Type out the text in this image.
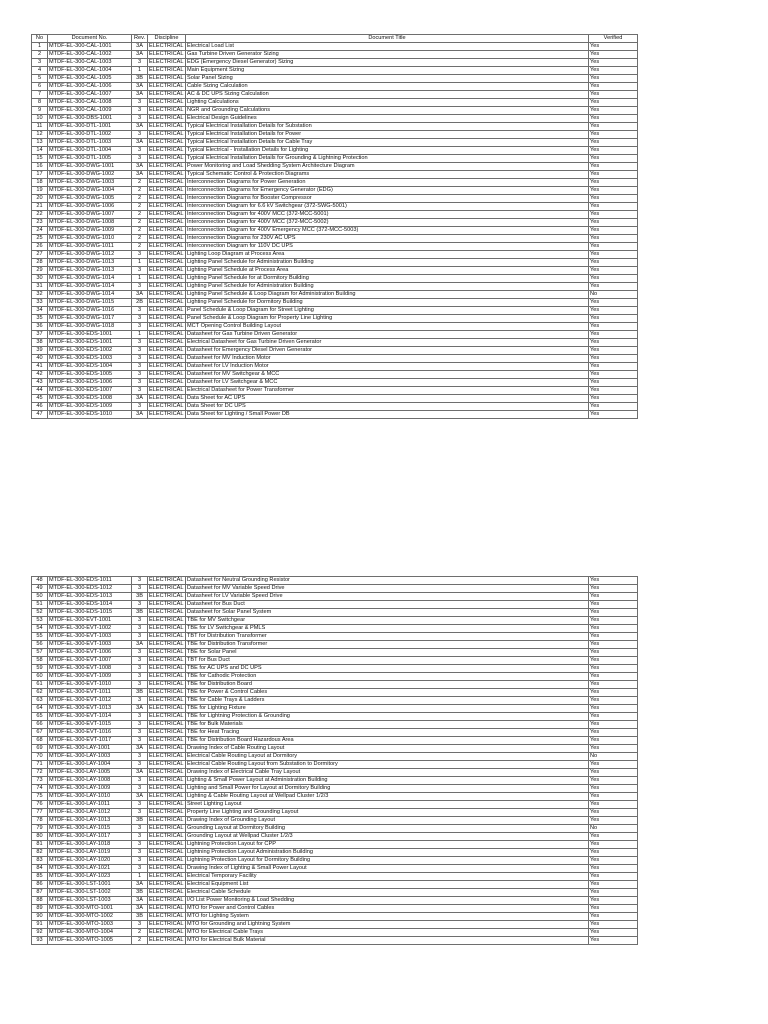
No	Document No.	Rev.	Discipline	Document Title	Verified
1	MTDF-EL-300-CAL-1001	3A	ELECTRICAL	Electrical Load List	Yes
2	MTDF-EL-300-CAL-1002	3A	ELECTRICAL	Gas Turbine Driven Generator Sizing	Yes
3	MTDF-EL-300-CAL-1003	3	ELECTRICAL	EDG (Emergency Diesel Generator) Sizing	Yes
4	MTDF-EL-300-CAL-1004	1	ELECTRICAL	Main Equipment Sizing	Yes
5	MTDF-EL-300-CAL-1005	3B	ELECTRICAL	Solar Panel Sizing	Yes
6	MTDF-EL-300-CAL-1006	3A	ELECTRICAL	Cable Sizing Calculation	Yes
7	MTDF-EL-300-CAL-1007	3A	ELECTRICAL	AC & DC UPS Sizing Calculation	Yes
8	MTDF-EL-300-CAL-1008	3	ELECTRICAL	Lighting Calculations	Yes
9	MTDF-EL-300-CAL-1009	3	ELECTRICAL	NGR and Grounding Calculations	Yes
10	MTDF-EL-300-DBS-1001	3	ELECTRICAL	Electrical Design Guidelines	Yes
11	MTDF-EL-300-DTL-1001	3A	ELECTRICAL	Typical Electrical Installation Details for Substation	Yes
12	MTDF-EL-300-DTL-1002	3	ELECTRICAL	Typical Electrical Installation Details for Power	Yes
13	MTDF-EL-300-DTL-1003	3A	ELECTRICAL	Typical Electrical Installation Details for Cable Tray	Yes
14	MTDF-EL-300-DTL-1004	3	ELECTRICAL	Typical Electrical - Installation Details for Lighting	Yes
15	MTDF-EL-300-DTL-1005	3	ELECTRICAL	Typical Electrical Installation Details for Grounding & Lightning Protection	Yes
16	MTDF-EL-300-DWG-1001	3A	ELECTRICAL	Power Monitoring and Load Shedding System Architecture Diagram	Yes
17	MTDF-EL-300-DWG-1002	3A	ELECTRICAL	Typical Schematic Control & Protection Diagrams	Yes
18	MTDF-EL-300-DWG-1003	2	ELECTRICAL	Interconnection Diagrams for Power Generation	Yes
19	MTDF-EL-300-DWG-1004	2	ELECTRICAL	Interconnection Diagrams for Emergency Generator (EDG)	Yes
20	MTDF-EL-300-DWG-1005	2	ELECTRICAL	Interconnection Diagrams for Booster Compressor	Yes
21	MTDF-EL-300-DWG-1006	2	ELECTRICAL	Interconnection Diagram for 6.6 kV Switchgear (372-SWG-5001)	Yes
22	MTDF-EL-300-DWG-1007	2	ELECTRICAL	Interconnection Diagram for 400V MCC (372-MCC-5001)	Yes
23	MTDF-EL-300-DWG-1008	2	ELECTRICAL	Interconnection Diagram for 400V MCC (372-MCC-5002)	Yes
24	MTDF-EL-300-DWG-1009	2	ELECTRICAL	Interconnection Diagram for 400V Emergency MCC (372-MCC-5003)	Yes
25	MTDF-EL-300-DWG-1010	2	ELECTRICAL	Interconnection Diagrams for 230V AC UPS	Yes
26	MTDF-EL-300-DWG-1011	2	ELECTRICAL	Interconnection Diagram for 110V DC UPS	Yes
27	MTDF-EL-300-DWG-1012	3	ELECTRICAL	Lighting Loop Diagram at Process Area	Yes
28	MTDF-EL-300-DWG-1013	1	ELECTRICAL	Lighting Panel Schedule for Administration Building	Yes
29	MTDF-EL-300-DWG-1013	3	ELECTRICAL	Lighting Panel Schedule at Process Area	Yes
30	MTDF-EL-300-DWG-1014	1	ELECTRICAL	Lighting Panel Schedule for at Dormitory Building	Yes
31	MTDF-EL-300-DWG-1014	3	ELECTRICAL	Lighting Panel Schedule for Administration Building	Yes
32	MTDF-EL-300-DWG-1014	3A	ELECTRICAL	Lighting Panel Schedule & Loop Diagram for Administration Building	No
33	MTDF-EL-300-DWG-1015	2B	ELECTRICAL	Lighting Panel Schedule for Dormitory Building	Yes
34	MTDF-EL-300-DWG-1016	3	ELECTRICAL	Panel Schedule & Loop Diagram for Street Lighting	Yes
35	MTDF-EL-300-DWG-1017	3	ELECTRICAL	Panel Schedule & Loop Diagram for Property Line Lighting	Yes
36	MTDF-EL-300-DWG-1018	3	ELECTRICAL	MCT Opening Control Building Layout	Yes
37	MTDF-EL-300-EDS-1001	1	ELECTRICAL	Datasheet for Gas Turbine Driven Generator	Yes
38	MTDF-EL-300-EDS-1001	3	ELECTRICAL	Electrical Datasheet for Gas Turbine Driven Generator	Yes
39	MTDF-EL-300-EDS-1002	3	ELECTRICAL	Datasheet for Emergency Diesel Driven Generator	Yes
40	MTDF-EL-300-EDS-1003	3	ELECTRICAL	Datasheet for MV Induction Motor	Yes
41	MTDF-EL-300-EDS-1004	3	ELECTRICAL	Datasheet for LV Induction Motor	Yes
42	MTDF-EL-300-EDS-1005	3	ELECTRICAL	Datasheet for MV Switchgear & MCC	Yes
43	MTDF-EL-300-EDS-1006	3	ELECTRICAL	Datasheet for LV Switchgear & MCC	Yes
44	MTDF-EL-300-EDS-1007	3	ELECTRICAL	Electrical Datasheet for Power Transformer	Yes
45	MTDF-EL-300-EDS-1008	3A	ELECTRICAL	Data Sheet for AC UPS	Yes
46	MTDF-EL-300-EDS-1009	3	ELECTRICAL	Data Sheet for DC UPS	Yes
47	MTDF-EL-300-EDS-1010	3A	ELECTRICAL	Data Sheet for Lighting / Small Power DB	Yes
48	MTDF-EL-300-EDS-1011	3	ELECTRICAL	Datasheet for Neutral Grounding Resistor	Yes
49	MTDF-EL-300-EDS-1012	3	ELECTRICAL	Datasheet for MV Variable Speed Drive	Yes
50	MTDF-EL-300-EDS-1013	3B	ELECTRICAL	Datasheet for LV Variable Speed Drive	Yes
51	MTDF-EL-300-EDS-1014	3	ELECTRICAL	Datasheet for Bus Duct	Yes
52	MTDF-EL-300-EDS-1015	3B	ELECTRICAL	Datasheet for Solar Panel System	Yes
53	MTDF-EL-300-EVT-1001	3	ELECTRICAL	TBE for MV Switchgear	Yes
54	MTDF-EL-300-EVT-1002	3	ELECTRICAL	TBE for LV Switchgear & PMLS	Yes
55	MTDF-EL-300-EVT-1003	3	ELECTRICAL	TBT for Distribution Transformer	Yes
56	MTDF-EL-300-EVT-1003	3A	ELECTRICAL	TBE for Distribution Transformer	Yes
57	MTDF-EL-300-EVT-1006	3	ELECTRICAL	TBE for Solar Panel	Yes
58	MTDF-EL-300-EVT-1007	3	ELECTRICAL	TBT for Bus Duct	Yes
59	MTDF-EL-300-EVT-1008	3	ELECTRICAL	TBE for AC UPS and DC UPS	Yes
60	MTDF-EL-300-EVT-1009	3	ELECTRICAL	TBE for Cathodic Protection	Yes
61	MTDF-EL-300-EVT-1010	3	ELECTRICAL	TBE for Distribution Board	Yes
62	MTDF-EL-300-EVT-1011	3B	ELECTRICAL	TBE for Power & Control Cables	Yes
63	MTDF-EL-300-EVT-1012	3	ELECTRICAL	TBE for Cable Trays & Ladders	Yes
64	MTDF-EL-300-EVT-1013	3A	ELECTRICAL	TBE for Lighting Fixture	Yes
65	MTDF-EL-300-EVT-1014	3	ELECTRICAL	TBE for Lightning Protection & Grounding	Yes
66	MTDF-EL-300-EVT-1015	3	ELECTRICAL	TBE for Bulk Materials	Yes
67	MTDF-EL-300-EVT-1016	3	ELECTRICAL	TBE for Heat Tracing	Yes
68	MTDF-EL-300-EVT-1017	3	ELECTRICAL	TBE for Distribution Board Hazardous Area	Yes
69	MTDF-EL-300-LAY-1001	3A	ELECTRICAL	Drawing Index of Cable Routing Layout	Yes
70	MTDF-EL-300-LAY-1003	3	ELECTRICAL	Electrical Cable Routing Layout at Dormitory	No
71	MTDF-EL-300-LAY-1004	3	ELECTRICAL	Electrical Cable Routing Layout from Substation to Dormitory	Yes
72	MTDF-EL-300-LAY-1005	3A	ELECTRICAL	Drawing Index of Electrical Cable Tray Layout	Yes
73	MTDF-EL-300-LAY-1008	3	ELECTRICAL	Lighting & Small Power Layout at Administration Building	Yes
74	MTDF-EL-300-LAY-1009	3	ELECTRICAL	Lighting and Small Power for Layout at Dormitory Building	Yes
75	MTDF-EL-300-LAY-1010	3A	ELECTRICAL	Lighting & Cable Routing Layout at Wellpad Cluster 1/2/3	Yes
76	MTDF-EL-300-LAY-1011	3	ELECTRICAL	Street Lighting Layout	Yes
77	MTDF-EL-300-LAY-1012	3	ELECTRICAL	Property Line Lighting and Grounding Layout	Yes
78	MTDF-EL-300-LAY-1013	3B	ELECTRICAL	Drawing Index of Grounding Layout	Yes
79	MTDF-EL-300-LAY-1015	3	ELECTRICAL	Grounding Layout at Dormitory Building	No
80	MTDF-EL-300-LAY-1017	3	ELECTRICAL	Grounding Layout at Wellpad Cluster 1/2/3	Yes
81	MTDF-EL-300-LAY-1018	3	ELECTRICAL	Lightning Protection Layout for CPP	Yes
82	MTDF-EL-300-LAY-1019	3	ELECTRICAL	Lightning Protection Layout Administration Building	Yes
83	MTDF-EL-300-LAY-1020	3	ELECTRICAL	Lightning Protection Layout for Dormitory Building	Yes
84	MTDF-EL-300-LAY-1021	3	ELECTRICAL	Drawing Index of Lighting & Small Power Layout	Yes
85	MTDF-EL-300-LAY-1023	1	ELECTRICAL	Electrical Temporary Facility	Yes
86	MTDF-EL-300-LST-1001	3A	ELECTRICAL	Electrical Equipment List	Yes
87	MTDF-EL-300-LST-1002	3B	ELECTRICAL	Electrical Cable Schedule	Yes
88	MTDF-EL-300-LST-1003	3A	ELECTRICAL	I/O List Power Monitoring & Load Shedding	Yes
89	MTDF-EL-300-MTO-1001	3A	ELECTRICAL	MTO for Power and Control Cables	Yes
90	MTDF-EL-300-MTO-1002	3B	ELECTRICAL	MTO for Lighting System	Yes
91	MTDF-EL-300-MTO-1003	3	ELECTRICAL	MTO for Grounding and Lightning System	Yes
92	MTDF-EL-300-MTO-1004	2	ELECTRICAL	MTO for Electrical Cable Trays	Yes
93	MTDF-EL-300-MTO-1005	2	ELECTRICAL	MTO for Electrical Bulk Material	Yes
